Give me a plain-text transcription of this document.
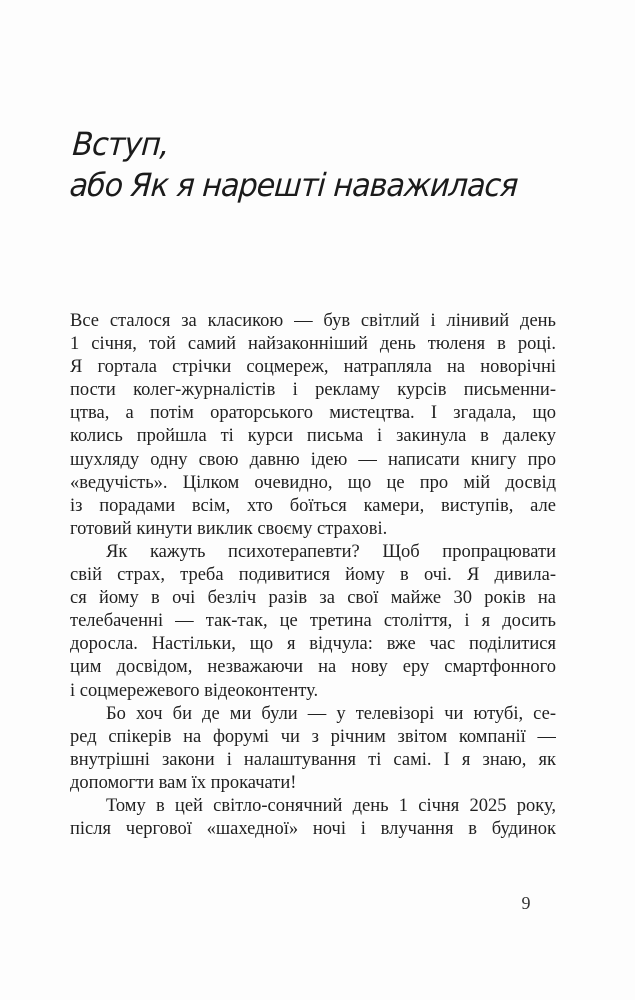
Вступ,
або Як я нарешті наважилася
Все сталося за класикою — був світлий і лінивий день
1 січня, той самий найзаконніший день тюленя в році.
Я гортала стрічки соцмереж, натрапляла на новорічні
пости колег-журналістів і рекламу курсів письменни-
цтва, а потім ораторського мистецтва. І згадала, що
колись пройшла ті курси письма і закинула в далеку
шухляду одну свою давню ідею — написати книгу про
«ведучість». Цілком очевидно, що це про мій досвід
із порадами всім, хто боїться камери, виступів, але
готовий кинути виклик своєму страхові.
Як кажуть психотерапевти? Щоб пропрацювати
свій страх, треба подивитися йому в очі. Я дивила-
ся йому в очі безліч разів за свої майже 30 років на
телебаченні — так-так, це третина століття, і я досить
доросла. Настільки, що я відчула: вже час поділитися
цим досвідом, незважаючи на нову еру смартфонного
і соцмережевого відеоконтенту.
Бо хоч би де ми були — у телевізорі чи ютубі, се-
ред спікерів на форумі чи з річним звітом компанії —
внутрішні закони і налаштування ті самі. І я знаю, як
допомогти вам їх прокачати!
Тому в цей світло-сонячний день 1 січня 2025 року,
після чергової «шахедної» ночі і влучання в будинок
9
